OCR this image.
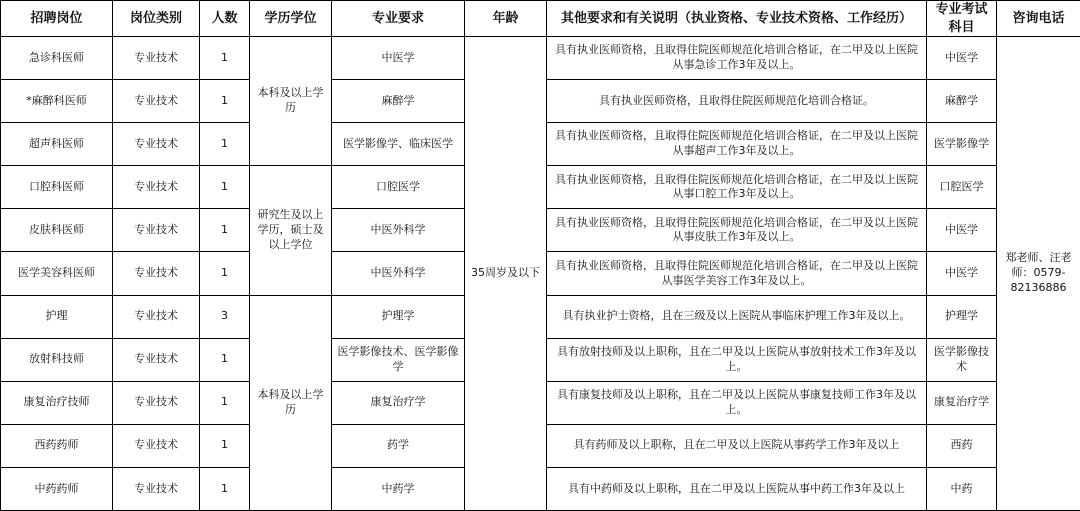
招聘岗位	岗位类别	人数	学历学位	专业要求	年龄	其他要求和有关说明（执业资格、专业技术资格、工作经历）	专业考试科目	咨询电话
急诊科医师	专业技术	1	本科及以上学历	中医学	35周岁及以下	具有执业医师资格，且取得住院医师规范化培训合格证，在二甲及以上医院从事急诊工作3年及以上。	中医学	郑老师、汪老师：0579-82136886
*麻醉科医师	专业技术	1		麻醉学		具有执业医师资格，且取得住院医师规范化培训合格证。	麻醉学	
超声科医师	专业技术	1		医学影像学、临床医学		具有执业医师资格，且取得住院医师规范化培训合格证，在二甲及以上医院从事超声工作3年及以上。	医学影像学	
口腔科医师	专业技术	1	研究生及以上学历，硕士及以上学位	口腔医学		具有执业医师资格，且取得住院医师规范化培训合格证，在二甲及以上医院从事口腔工作3年及以上。	口腔医学	
皮肤科医师	专业技术	1		中医外科学		具有执业医师资格，且取得住院医师规范化培训合格证，在二甲及以上医院从事皮肤工作3年及以上。	中医学	
医学美容科医师	专业技术	1		中医外科学		具有执业医师资格，且取得住院医师规范化培训合格证，在二甲及以上医院从事医学美容工作3年及以上。	中医学	
护理	专业技术	3	本科及以上学历	护理学		具有执业护士资格，且在三级及以上医院从事临床护理工作3年及以上。	护理学	
放射科技师	专业技术	1		医学影像技术、医学影像学		具有放射技师及以上职称，且在二甲及以上医院从事放射技术工作3年及以上。	医学影像技术	
康复治疗技师	专业技术	1		康复治疗学		具有康复技师及以上职称，且在二甲及以上医院从事康复技师工作3年及以上。	康复治疗学	
西药药师	专业技术	1		药学		具有药师及以上职称，且在二甲及以上医院从事药学工作3年及以上	西药	
中药药师	专业技术	1		中药学		具有中药师及以上职称，且在二甲及以上医院从事中药工作3年及以上	中药	
